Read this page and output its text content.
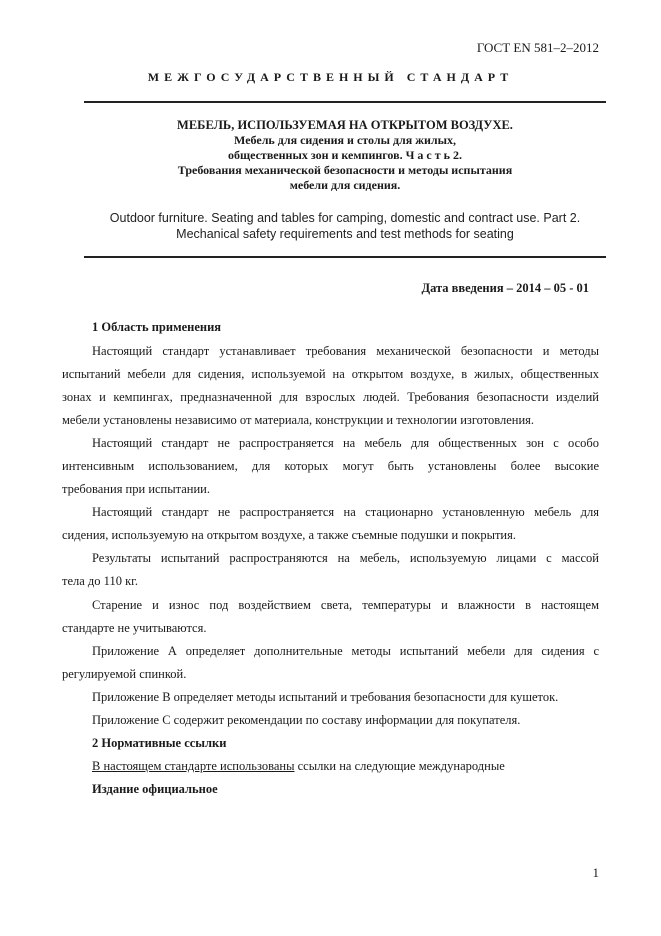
ГОСТ EN 581–2–2012
МЕЖГОСУДАРСТВЕННЫЙ СТАНДАРТ
МЕБЕЛЬ, ИСПОЛЬЗУЕМАЯ НА ОТКРЫТОМ ВОЗДУХЕ.
Мебель для сидения и столы для жилых,
общественных зон и кемпингов. Ч а с т ь 2.
Требования механической безопасности и методы испытания
мебели для сидения.
Outdoor furniture. Seating and tables for camping, domestic and contract use. Part 2.
Mechanical safety requirements and test methods for seating
Дата введения – 2014 – 05 - 01
1 Область применения
Настоящий стандарт устанавливает требования механической безопасности и методы
испытаний мебели для сидения, используемой на открытом воздухе, в жилых, общественных
зонах и кемпингах, предназначенной для взрослых людей. Требования безопасности изделий
мебели установлены независимо от материала, конструкции и технологии изготовления.
Настоящий стандарт не распространяется на мебель для общественных зон с особо
интенсивным использованием, для которых могут быть установлены более высокие
требования при испытании.
Настоящий стандарт не распространяется на стационарно установленную мебель для
сидения, используемую на открытом воздухе, а также съемные подушки и покрытия.
Результаты испытаний распространяются на мебель, используемую лицами с массой
тела до 110 кг.
Старение и износ под воздействием света, температуры и влажности в настоящем
стандарте не учитываются.
Приложение А определяет дополнительные методы испытаний мебели для сидения с
регулируемой спинкой.
Приложение В определяет методы испытаний и требования безопасности для кушеток.
Приложение С содержит рекомендации по составу информации для покупателя.
2 Нормативные ссылки
В настоящем стандарте использованы ссылки на следующие международные
Издание официальное
1
